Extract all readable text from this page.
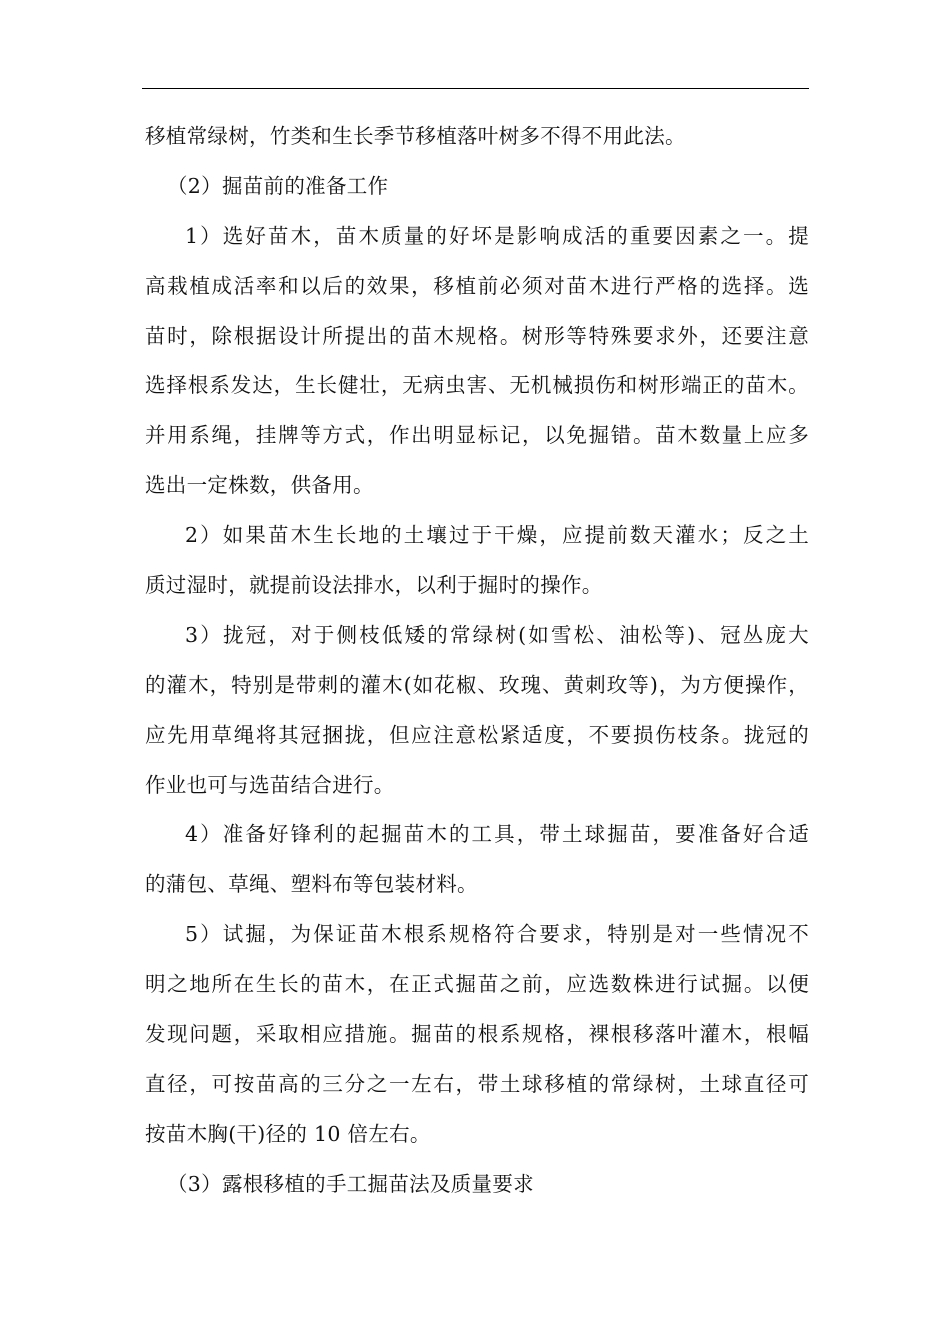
移植常绿树，竹类和生长季节移植落叶树多不得不用此法。
（2）掘苗前的准备工作
1）选好苗木，苗木质量的好坏是影响成活的重要因素之一。提
高栽植成活率和以后的效果，移植前必须对苗木进行严格的选择。选
苗时，除根据设计所提出的苗木规格。树形等特殊要求外，还要注意
选择根系发达，生长健壮，无病虫害、无机械损伤和树形端正的苗木。
并用系绳，挂牌等方式，作出明显标记，以免掘错。苗木数量上应多
选出一定株数，供备用。
2）如果苗木生长地的土壤过于干燥，应提前数天灌水；反之土
质过湿时，就提前设法排水，以利于掘时的操作。
3）拢冠，对于侧枝低矮的常绿树(如雪松、油松等)、冠丛庞大
的灌木，特别是带刺的灌木(如花椒、玫瑰、黄刺玫等)，为方便操作，
应先用草绳将其冠捆拢，但应注意松紧适度，不要损伤枝条。拢冠的
作业也可与选苗结合进行。
4）准备好锋利的起掘苗木的工具，带土球掘苗，要准备好合适
的蒲包、草绳、塑料布等包装材料。
5）试掘，为保证苗木根系规格符合要求，特别是对一些情况不
明之地所在生长的苗木，在正式掘苗之前，应选数株进行试掘。以便
发现问题，采取相应措施。掘苗的根系规格，裸根移落叶灌木，根幅
直径，可按苗高的三分之一左右，带土球移植的常绿树，土球直径可
按苗木胸(干)径的 10 倍左右。
（3）露根移植的手工掘苗法及质量要求
